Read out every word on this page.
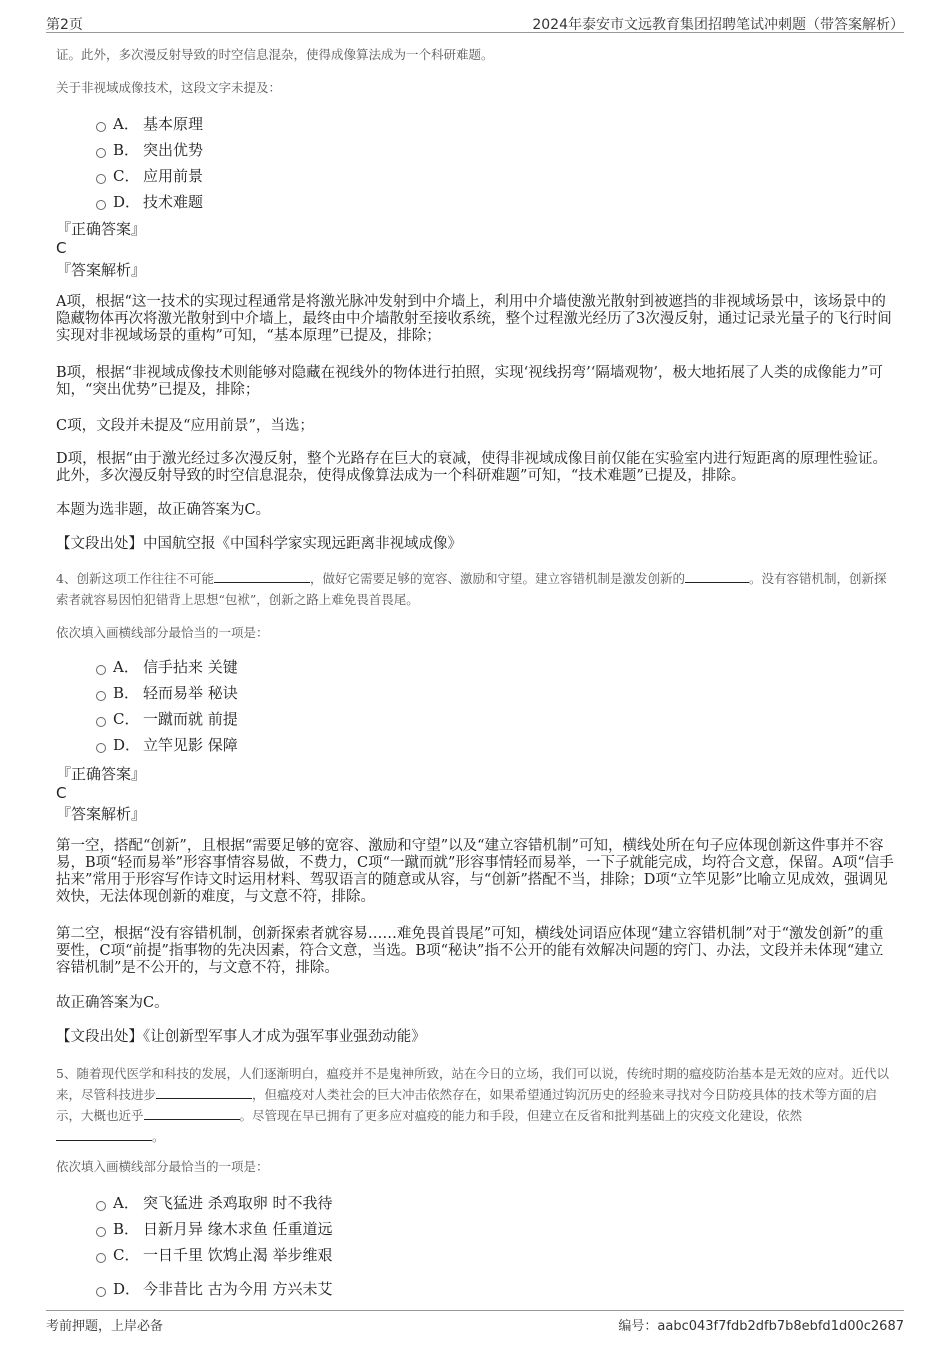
第2页	2024年泰安市文远教育集团招聘笔试冲刺题（带答案解析）
证。此外，多次漫反射导致的时空信息混杂，使得成像算法成为一个科研难题。
关于非视域成像技术，这段文字未提及：
A． 基本原理
B． 突出优势
C． 应用前景
D． 技术难题
『正确答案』
C
『答案解析』

A项，根据“这一技术的实现过程通常是将激光脉冲发射到中介墙上，利用中介墙使激光散射到被遮挡的非视域场景中，该场景中的隐藏物体再次将激光散射到中介墙上，最终由中介墙散射至接收系统，整个过程激光经历了3次漫反射，通过记录光量子的飞行时间实现对非视域场景的重构”可知，“基本原理”已提及，排除；

B项，根据“非视域成像技术则能够对隐藏在视线外的物体进行拍照，实现‘视线拐弯’‘隔墙观物’，极大地拓展了人类的成像能力”可知，“突出优势”已提及，排除；

C项，文段并未提及“应用前景”，当选；

D项，根据“由于激光经过多次漫反射，整个光路存在巨大的衰减，使得非视域成像目前仅能在实验室内进行短距离的原理性验证。此外，多次漫反射导致的时空信息混杂，使得成像算法成为一个科研难题”可知，“技术难题”已提及，排除。

本题为选非题，故正确答案为C。

【文段出处】中国航空报《中国科学家实现远距离非视域成像》
4、创新这项工作往往不可能	，做好它需要足够的宽容、激励和守望。建立容错机制是激发创新的	。没有容错机制，创新探索者就容易因怕犯错背上思想“包袱”，创新之路上难免畏首畏尾。
依次填入画横线部分最恰当的一项是：
A． 信手拈来 关键
B． 轻而易举 秘诀
C． 一蹴而就 前提
D． 立竿见影 保障
『正确答案』
C
『答案解析』

第一空，搭配“创新”，且根据“需要足够的宽容、激励和守望”以及“建立容错机制”可知，横线处所在句子应体现创新这件事并不容易，B项“轻而易举”形容事情容易做，不费力，C项“一蹴而就”形容事情轻而易举，一下子就能完成，均符合文意，保留。A项“信手拈来”常用于形容写作诗文时运用材料、驾驭语言的随意或从容，与“创新”搭配不当，排除；D项“立竿见影”比喻立见成效，强调见效快，无法体现创新的难度，与文意不符，排除。

第二空，根据“没有容错机制，创新探索者就容易……难免畏首畏尾”可知，横线处词语应体现“建立容错机制”对于“激发创新”的重要性，C项“前提”指事物的先决因素，符合文意，当选。B项“秘诀”指不公开的能有效解决问题的窍门、办法，文段并未体现“建立容错机制”是不公开的，与文意不符，排除。

故正确答案为C。

【文段出处】《让创新型军事人才成为强军事业强劲动能》
5、随着现代医学和科技的发展，人们逐渐明白，瘟疫并不是鬼神所致，站在今日的立场，我们可以说，传统时期的瘟疫防治基本是无效的应对。近代以来，尽管科技进步	，但瘟疫对人类社会的巨大冲击依然存在，如果希望通过钩沉历史的经验来寻找对今日防疫具体的技术等方面的启示，大概也近乎	。尽管现在早已拥有了更多应对瘟疫的能力和手段，但建立在反省和批判基础上的灾疫文化建设，依然。
依次填入画横线部分最恰当的一项是：
A． 突飞猛进 杀鸡取卵 时不我待
B． 日新月异 缘木求鱼 任重道远
C． 一日千里 饮鸩止渴 举步维艰
D． 今非昔比 古为今用 方兴未艾
考前押题，上岸必备	编号：aabc043f7fdb2dfb7b8ebfd1d00c2687
